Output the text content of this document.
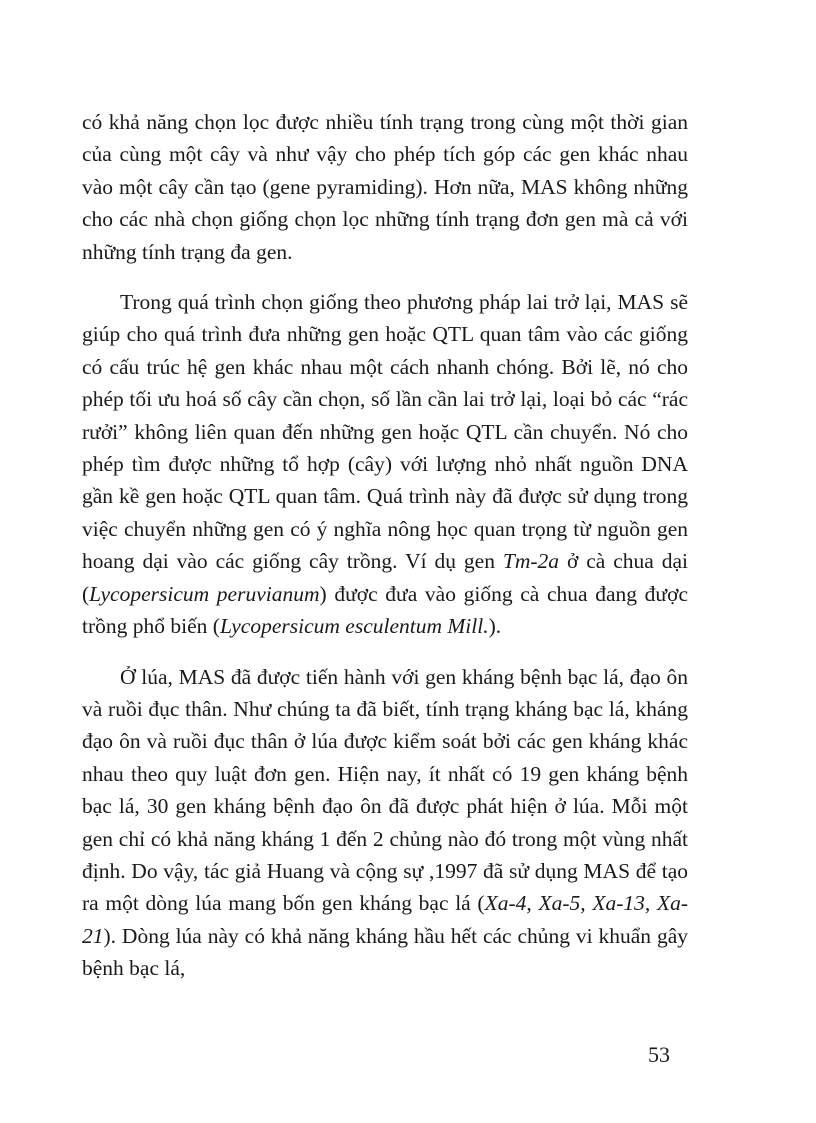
có khả năng chọn lọc được nhiều tính trạng trong cùng một thời gian của cùng một cây và như vậy cho phép tích góp các gen khác nhau vào một cây cần tạo (gene pyramiding). Hơn nữa, MAS không những cho các nhà chọn giống chọn lọc những tính trạng đơn gen mà cả với những tính trạng đa gen.

Trong quá trình chọn giống theo phương pháp lai trở lại, MAS sẽ giúp cho quá trình đưa những gen hoặc QTL quan tâm vào các giống có cấu trúc hệ gen khác nhau một cách nhanh chóng. Bởi lẽ, nó cho phép tối ưu hoá số cây cần chọn, số lần cần lai trở lại, loại bỏ các “rác rưởi” không liên quan đến những gen hoặc QTL cần chuyển. Nó cho phép tìm được những tổ hợp (cây) với lượng nhỏ nhất nguồn DNA gần kề gen hoặc QTL quan tâm. Quá trình này đã được sử dụng trong việc chuyển những gen có ý nghĩa nông học quan trọng từ nguồn gen hoang dại vào các giống cây trồng. Ví dụ gen Tm-2a ở cà chua dại (Lycopersicum peruvianum) được đưa vào giống cà chua đang được trồng phổ biến (Lycopersicum esculentum Mill.).

Ở lúa, MAS đã được tiến hành với gen kháng bệnh bạc lá, đạo ôn và ruồi đục thân. Như chúng ta đã biết, tính trạng kháng bạc lá, kháng đạo ôn và ruồi đục thân ở lúa được kiểm soát bởi các gen kháng khác nhau theo quy luật đơn gen. Hiện nay, ít nhất có 19 gen kháng bệnh bạc lá, 30 gen kháng bệnh đạo ôn đã được phát hiện ở lúa. Mỗi một gen chỉ có khả năng kháng 1 đến 2 chủng nào đó trong một vùng nhất định. Do vậy, tác giả Huang và cộng sự ,1997 đã sử dụng MAS để tạo ra một dòng lúa mang bốn gen kháng bạc lá (Xa-4, Xa-5, Xa-13, Xa-21). Dòng lúa này có khả năng kháng hầu hết các chủng vi khuẩn gây bệnh bạc lá,

53
